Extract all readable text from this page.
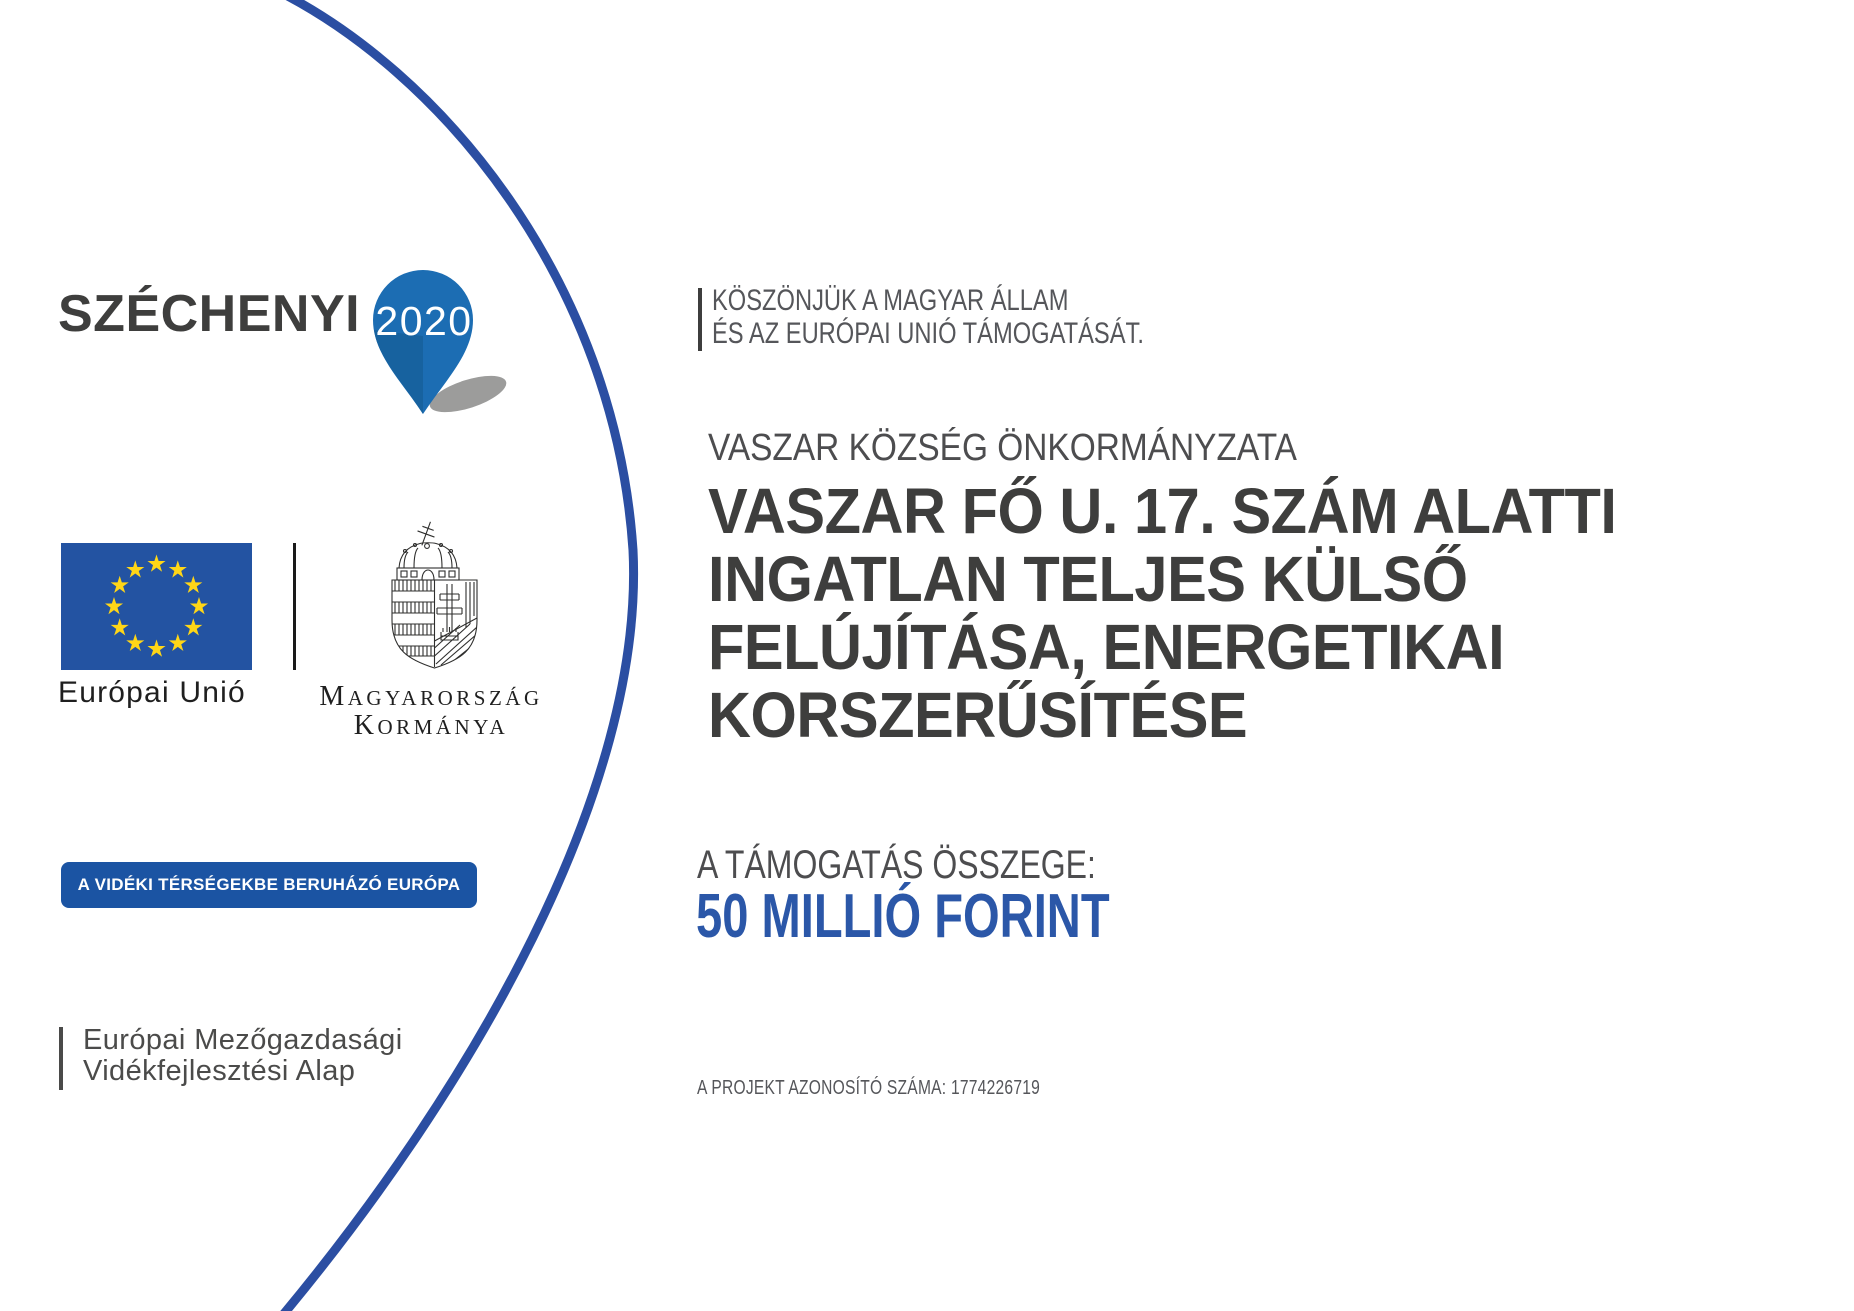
SZÉCHENYI 2020
Európai Unió	MAGYARORSZÁG
KORMÁNYA
A VIDÉKI TÉRSÉGEKBE BERUHÁZÓ EURÓPA
Európai Mezőgazdasági
Vidékfejlesztési Alap
KÖSZÖNJÜK A MAGYAR ÁLLAM
ÉS AZ EURÓPAI UNIÓ TÁMOGATÁSÁT.
VASZAR KÖZSÉG ÖNKORMÁNYZATA
VASZAR FŐ U. 17. SZÁM ALATTI
INGATLAN TELJES KÜLSŐ
FELÚJÍTÁSA, ENERGETIKAI
KORSZERŰSÍTÉSE
A TÁMOGATÁS ÖSSZEGE:
50 MILLIÓ FORINT
A PROJEKT AZONOSÍTÓ SZÁMA: 1774226719
